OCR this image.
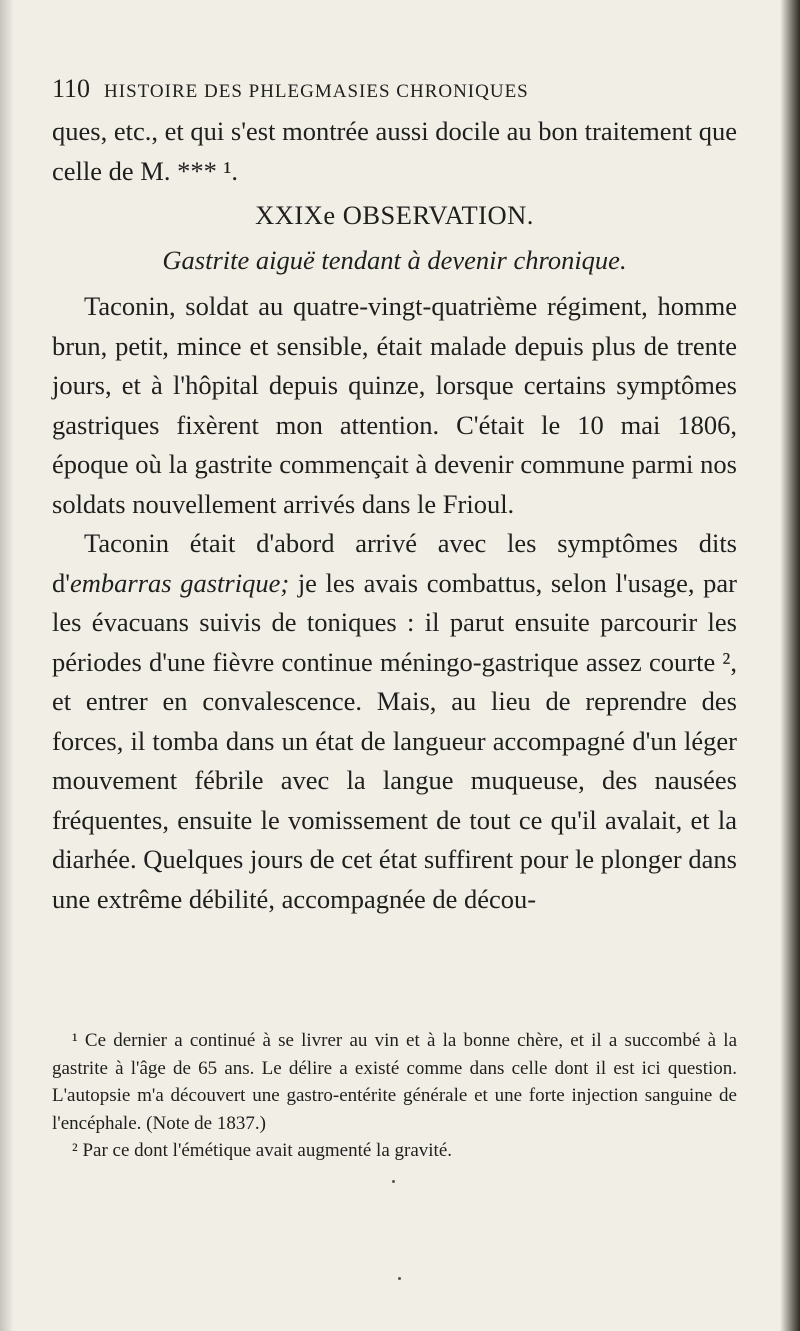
110 HISTOIRE DES PHLEGMASIES CHRONIQUES

ques, etc., et qui s'est montrée aussi docile au bon traitement que celle de M. *** ¹.

XXIXe OBSERVATION.

Gastrite aiguë tendant à devenir chronique.

Taconin, soldat au quatre-vingt-quatrième régiment, homme brun, petit, mince et sensible, était malade depuis plus de trente jours, et à l'hôpital depuis quinze, lorsque certains symptômes gastriques fixèrent mon attention. C'était le 10 mai 1806, époque où la gastrite commençait à devenir commune parmi nos soldats nouvellement arrivés dans le Frioul.

Taconin était d'abord arrivé avec les symptômes dits d'embarras gastrique; je les avais combattus, selon l'usage, par les évacuans suivis de toniques : il parut ensuite parcourir les périodes d'une fièvre continue méningo-gastrique assez courte ², et entrer en convalescence. Mais, au lieu de reprendre des forces, il tomba dans un état de langueur accompagné d'un léger mouvement fébrile avec la langue muqueuse, des nausées fréquentes, ensuite le vomissement de tout ce qu'il avalait, et la diarhée. Quelques jours de cet état suffirent pour le plonger dans une extrême débilité, accompagnée de décou-

¹ Ce dernier a continué à se livrer au vin et à la bonne chère, et il a succombé à la gastrite à l'âge de 65 ans. Le délire a existé comme dans celle dont il est ici question. L'autopsie m'a découvert une gastro-entérite générale et une forte injection sanguine de l'encéphale. (Note de 1837.)

² Par ce dont l'émétique avait augmenté la gravité.
